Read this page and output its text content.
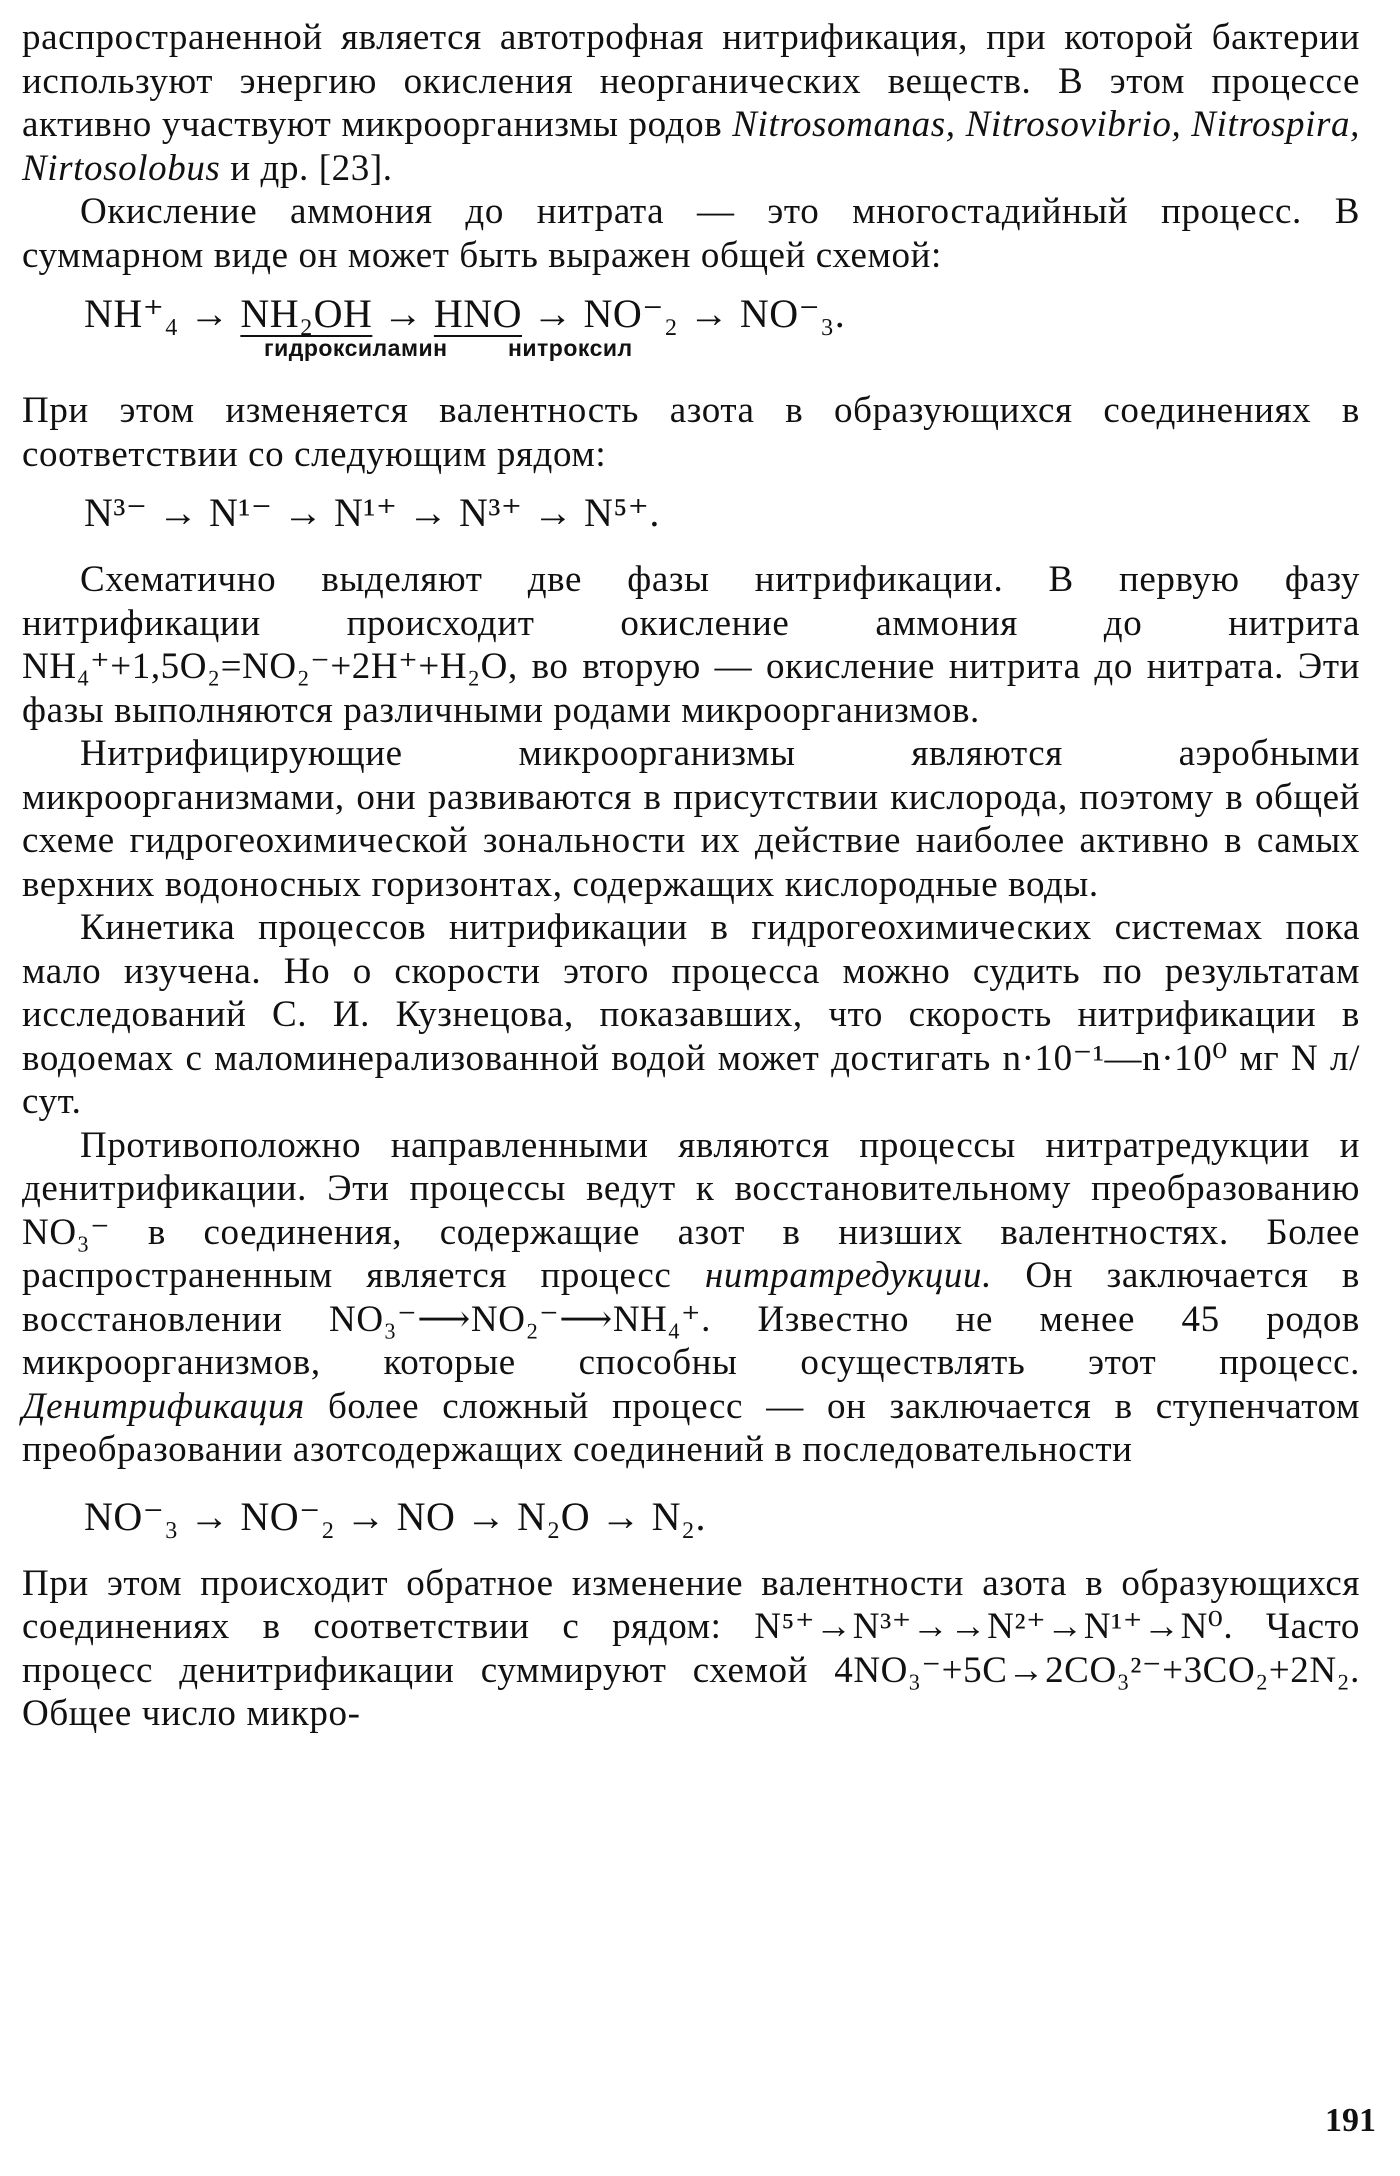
распространенной является автотрофная нитрификация, при которой бактерии используют энергию окисления неорганических веществ. В этом процессе активно участвуют микроорганизмы родов Nitrosomanas, Nitrosovibrio, Nitrospira, Nirtosolobus и др. [23].

Окисление аммония до нитрата — это многостадийный процесс. В суммарном виде он может быть выражен общей схемой:

NH⁺₄ → NH₂OH → HNO → NO⁻₂ → NO⁻₃.
гидроксиламин	нитроксил

При этом изменяется валентность азота в образующихся соединениях в соответствии со следующим рядом:

N³⁻ → N¹⁻ → N¹⁺ → N³⁺ → N⁵⁺.

Схематично выделяют две фазы нитрификации. В первую фазу нитрификации происходит окисление аммония до нитрита NH₄⁺+1,5O₂=NO₂⁻+2H⁺+H₂O, во вторую — окисление нитрита до нитрата. Эти фазы выполняются различными родами микроорганизмов.

Нитрифицирующие микроорганизмы являются аэробными микроорганизмами, они развиваются в присутствии кислорода, поэтому в общей схеме гидрогеохимической зональности их действие наиболее активно в самых верхних водоносных горизонтах, содержащих кислородные воды.

Кинетика процессов нитрификации в гидрогеохимических системах пока мало изучена. Но о скорости этого процесса можно судить по результатам исследований С. И. Кузнецова, показавших, что скорость нитрификации в водоемах с маломинерализованной водой может достигать n·10⁻¹—n·10⁰ мг N л/сут.

Противоположно направленными являются процессы нитратредукции и денитрификации. Эти процессы ведут к восстановительному преобразованию NO₃⁻ в соединения, содержащие азот в низших валентностях. Более распространенным является процесс нитратредукции. Он заключается в восстановлении NO₃⁻⟶NO₂⁻⟶NH₄⁺. Известно не менее 45 родов микроорганизмов, которые способны осуществлять этот процесс. Денитрификация более сложный процесс — он заключается в ступенчатом преобразовании азотсодержащих соединений в последовательности

NO⁻₃ → NO⁻₂ → NO → N₂O → N₂.

При этом происходит обратное изменение валентности азота в образующихся соединениях в соответствии с рядом: N⁵⁺→N³⁺→→N²⁺→N¹⁺→N⁰. Часто процесс денитрификации суммируют схемой 4NO₃⁻+5C→2CO₃²⁻+3CO₂+2N₂. Общее число микро-

191
